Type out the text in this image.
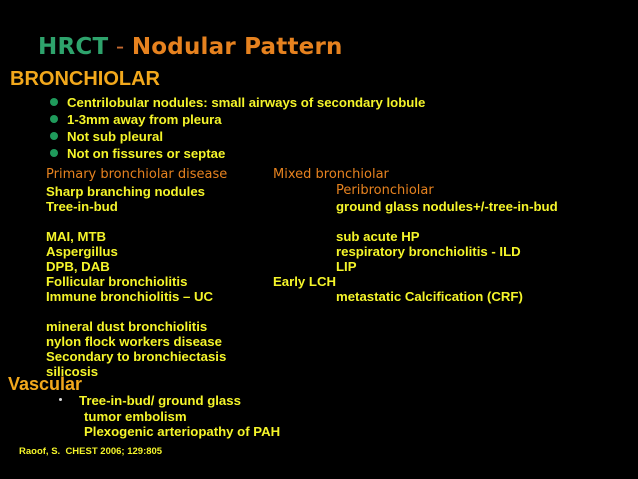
HRCT - Nodular Pattern
BRONCHIOLAR
Centrilobular nodules: small airways of secondary lobule
1-3mm away from pleura
Not sub pleural
Not on fissures or septae
Primary bronchiolar disease	Mixed bronchiolar
Sharp branching nodules
Tree-in-bud
MAI, MTB
Aspergillus
DPB, DAB
Follicular bronchiolitis
Immune bronchiolitis – UC
mineral dust bronchiolitis
nylon flock workers disease
Secondary to bronchiectasis
silicosis
Early LCH
Peribronchiolar
ground glass nodules+/-tree-in-bud
sub acute HP
respiratory bronchiolitis - ILD
LIP
metastatic Calcification (CRF)
Vascular
Tree-in-bud/ ground glass
tumor embolism
Plexogenic arteriopathy of PAH
Raoof, S.  CHEST 2006; 129:805
